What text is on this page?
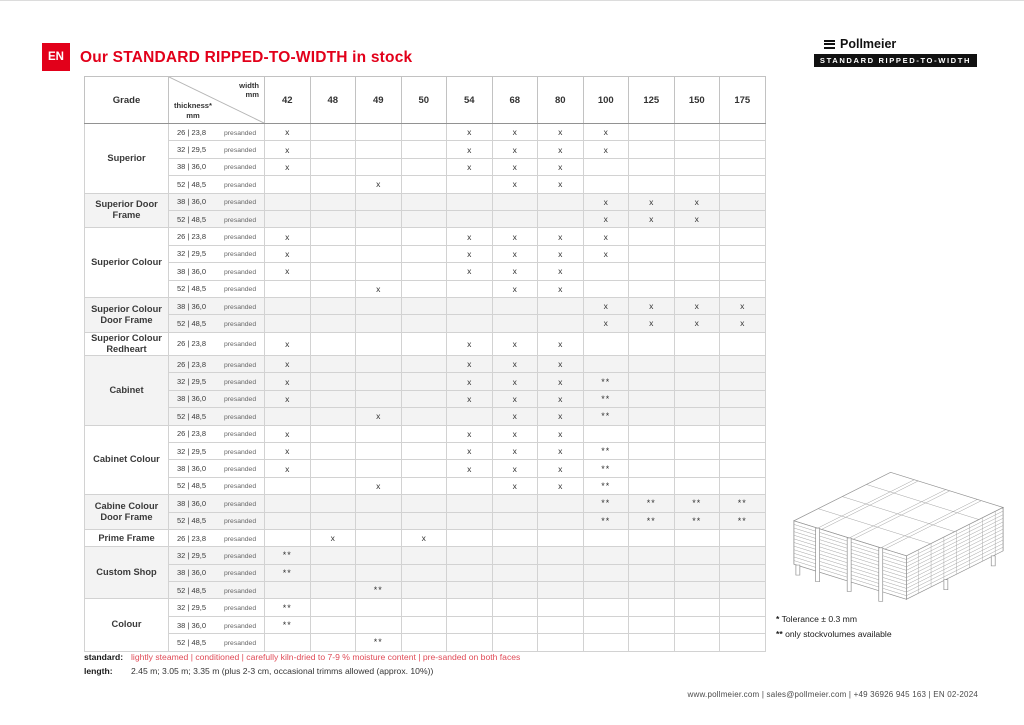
EN	Our STANDARD RIPPED-TO-WIDTH in stock
Pollmeier
STANDARD RIPPED-TO-WIDTH
Grade	width
mm
thickness*
mm	42	48	49	50	54	68	80	100	125	150	175
Superior	26 | 23,8 presanded	x				x	x	x	x			
	32 | 29,5 presanded	x				x	x	x	x			
	38 | 36,0 presanded	x				x	x	x				
	52 | 48,5 presanded			x			x	x				
Superior Door Frame	38 | 36,0 presanded								x	x	x	
	52 | 48,5 presanded								x	x	x	
Superior Colour	26 | 23,8 presanded	x				x	x	x	x			
	32 | 29,5 presanded	x				x	x	x	x			
	38 | 36,0 presanded	x				x	x	x				
	52 | 48,5 presanded			x			x	x				
Superior Colour Door Frame	38 | 36,0 presanded								x	x	x	x
	52 | 48,5 presanded								x	x	x	x
Superior Colour Redheart	26 | 23,8 presanded	x				x	x	x				
Cabinet	26 | 23,8 presanded	x				x	x	x				
	32 | 29,5 presanded	x				x	x	x	**			
	38 | 36,0 presanded	x				x	x	x	**			
	52 | 48,5 presanded			x			x	x	**			
Cabinet Colour	26 | 23,8 presanded	x				x	x	x				
	32 | 29,5 presanded	x				x	x	x	**			
	38 | 36,0 presanded	x				x	x	x	**			
	52 | 48,5 presanded			x			x	x	**			
Cabine Colour Door Frame	38 | 36,0 presanded								**	**	**	**
	52 | 48,5 presanded								**	**	**	**
Prime Frame	26 | 23,8 presanded		x		x							
Custom Shop	32 | 29,5 presanded	**										
	38 | 36,0 presanded	**										
	52 | 48,5 presanded			**								
Colour	32 | 29,5 presanded	**										
	38 | 36,0 presanded	**										
	52 | 48,5 presanded			**								
* Tolerance ± 0.3 mm
** only stockvolumes available
standard: lightly steamed | conditioned | carefully kiln-dried to 7-9 % moisture content | pre-sanded on both faces
length: 2.45 m; 3.05 m; 3.35 m (plus 2-3 cm, occasional trimms allowed (approx. 10%))
www.pollmeier.com | sales@pollmeier.com | +49 36926 945 163 | EN 02-2024
